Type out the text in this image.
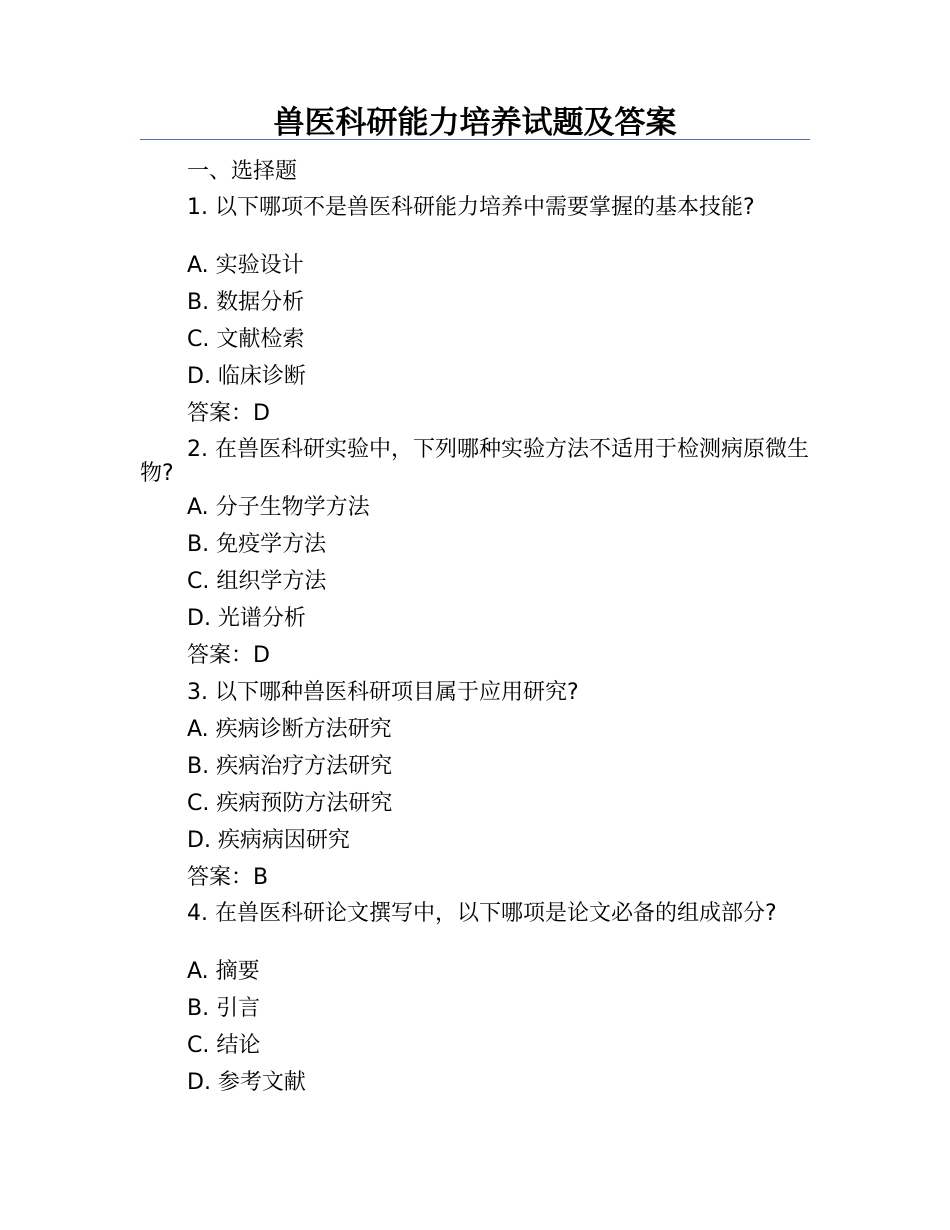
兽医科研能力培养试题及答案
一、选择题
1. 以下哪项不是兽医科研能力培养中需要掌握的基本技能?
A. 实验设计
B. 数据分析
C. 文献检索
D. 临床诊断
答案：D
2. 在兽医科研实验中，下列哪种实验方法不适用于检测病原微生物?
A. 分子生物学方法
B. 免疫学方法
C. 组织学方法
D. 光谱分析
答案：D
3. 以下哪种兽医科研项目属于应用研究?
A. 疾病诊断方法研究
B. 疾病治疗方法研究
C. 疾病预防方法研究
D. 疾病病因研究
答案：B
4. 在兽医科研论文撰写中，以下哪项是论文必备的组成部分?
A. 摘要
B. 引言
C. 结论
D. 参考文献
